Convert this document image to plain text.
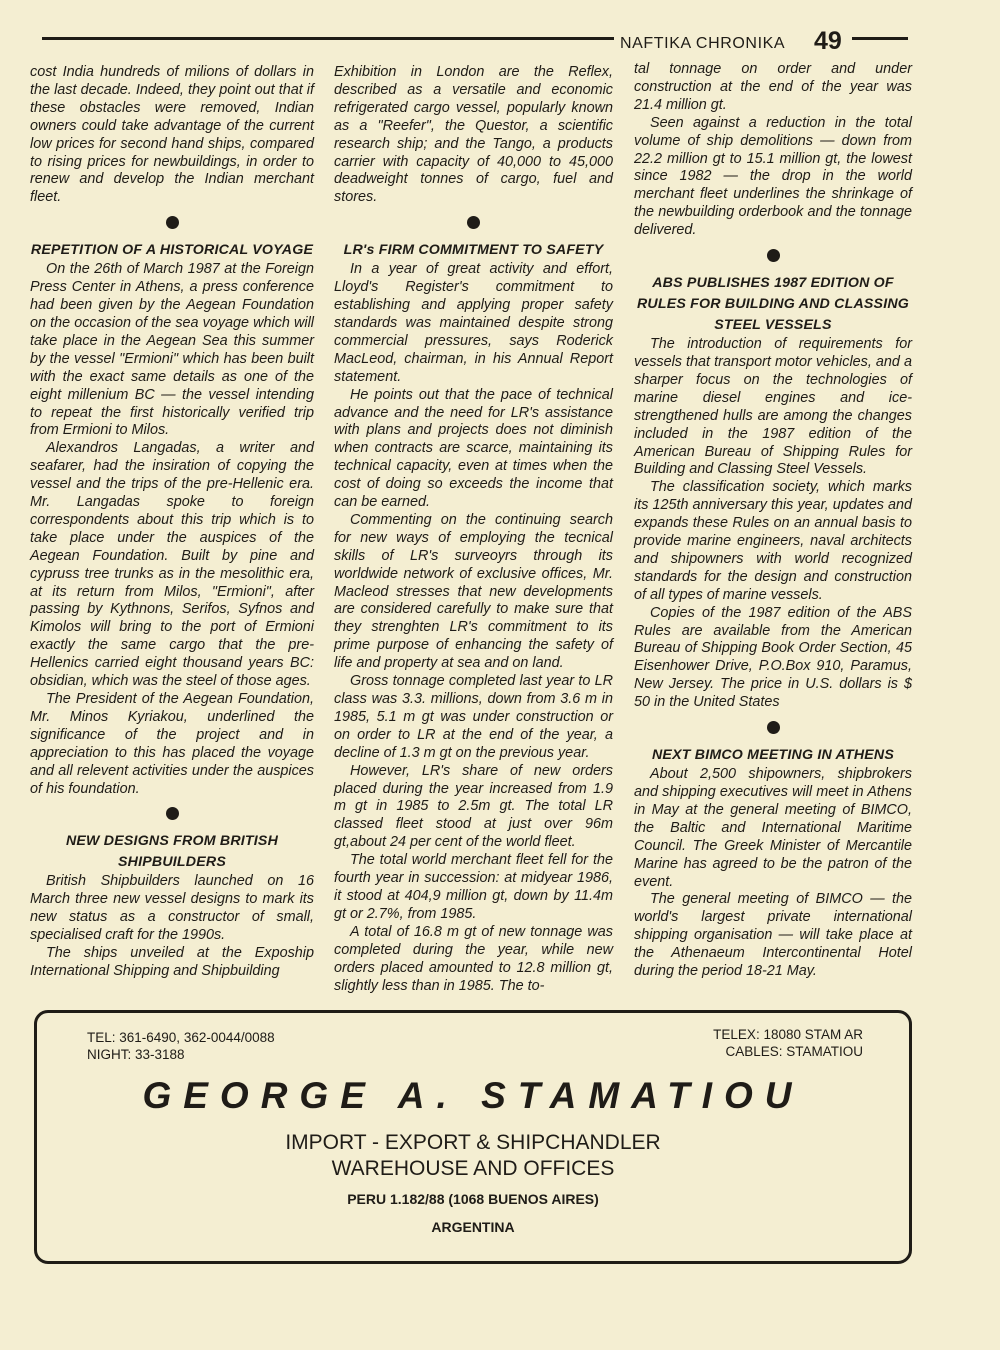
NAFTIKA CHRONIKA 49

cost India hundreds of milions of dollars in the last decade. Indeed, they point out that if these obstacles were removed, Indian owners could take advantage of the current low prices for second hand ships, compared to rising prices for newbuildings, in order to renew and develop the Indian merchant fleet.

REPETITION OF A HISTORICAL VOYAGE

On the 26th of March 1987 at the Foreign Press Center in Athens, a press conference had been given by the Aegean Foundation on the occasion of the sea voyage which will take place in the Aegean Sea this summer by the vessel "Ermioni" which has been built with the exact same details as one of the eight millenium BC — the vessel intending to repeat the first historically verified trip from Ermioni to Milos.

Alexandros Langadas, a writer and seafarer, had the insiration of copying the vessel and the trips of the pre-Hellenic era. Mr. Langadas spoke to foreign correspondents about this trip which is to take place under the auspices of the Aegean Foundation. Built by pine and cypruss tree trunks as in the mesolithic era, at its return from Milos, "Ermioni", after passing by Kythnons, Serifos, Syfnos and Kimolos will bring to the port of Ermioni exactly the same cargo that the pre-Hellenics carried eight thousand years BC: obsidian, which was the steel of those ages.

The President of the Aegean Foundation, Mr. Minos Kyriakou, underlined the significance of the project and in appreciation to this has placed the voyage and all relevent activities under the auspices of his foundation.

NEW DESIGNS FROM BRITISH SHIPBUILDERS

British Shipbuilders launched on 16 March three new vessel designs to mark its new status as a constructor of small, specialised craft for the 1990s.

The ships unveiled at the Expoship International Shipping and Shipbuilding

Exhibition in London are the Reflex, described as a versatile and economic refrigerated cargo vessel, popularly known as a "Reefer", the Questor, a scientific research ship; and the Tango, a products carrier with capacity of 40,000 to 45,000 deadweight tonnes of cargo, fuel and stores.

LR's FIRM COMMITMENT TO SAFETY

In a year of great activity and effort, Lloyd's Register's commitment to establishing and applying proper safety standards was maintained despite strong commercial pressures, says Roderick MacLeod, chairman, in his Annual Report statement.

He points out that the pace of technical advance and the need for LR's assistance with plans and projects does not diminish when contracts are scarce, maintaining its technical capacity, even at times when the cost of doing so exceeds the income that can be earned.

Commenting on the continuing search for new ways of employing the tecnical skills of LR's surveoyrs through its worldwide network of exclusive offices, Mr. Macleod stresses that new developments are considered carefully to make sure that they strenghten LR's commitment to its prime purpose of enhancing the safety of life and property at sea and on land.

Gross tonnage completed last year to LR class was 3.3. millions, down from 3.6 m in 1985, 5.1 m gt was under construction or on order to LR at the end of the year, a decline of 1.3 m gt on the previous year.

However, LR's share of new orders placed during the year increased from 1.9 m gt in 1985 to 2.5m gt. The total LR classed fleet stood at just over 96m gt,about 24 per cent of the world fleet.

The total world merchant fleet fell for the fourth year in succession: at midyear 1986, it stood at 404,9 million gt, down by 11.4m gt or 2.7%, from 1985.

A total of 16.8 m gt of new tonnage was completed during the year, while new orders placed amounted to 12.8 million gt, slightly less than in 1985. The to-

tal tonnage on order and under construction at the end of the year was 21.4 million gt.

Seen against a reduction in the total volume of ship demolitions — down from 22.2 million gt to 15.1 million gt, the lowest since 1982 — the drop in the world merchant fleet underlines the shrinkage of the newbuilding orderbook and the tonnage delivered.

ABS PUBLISHES 1987 EDITION OF RULES FOR BUILDING AND CLASSING STEEL VESSELS

The introduction of requirements for vessels that transport motor vehicles, and a sharper focus on the technologies of marine diesel engines and ice-strengthened hulls are among the changes included in the 1987 edition of the American Bureau of Shipping Rules for Building and Classing Steel Vessels.

The classification society, which marks its 125th anniversary this year, updates and expands these Rules on an annual basis to provide marine engineers, naval architects and shipowners with world recognized standards for the design and construction of all types of marine vessels.

Copies of the 1987 edition of the ABS Rules are available from the American Bureau of Shipping Book Order Section, 45 Eisenhower Drive, P.O.Box 910, Paramus, New Jersey. The price in U.S. dollars is $ 50 in the United States

NEXT BIMCO MEETING IN ATHENS

About 2,500 shipowners, shipbrokers and shipping executives will meet in Athens in May at the general meeting of BIMCO, the Baltic and International Maritime Council. The Greek Minister of Mercantile Marine has agreed to be the patron of the event.

The general meeting of BIMCO — the world's largest private international shipping organisation — will take place at the Athenaeum Intercontinental Hotel during the period 18-21 May.

TEL: 361-6490, 362-0044/0088
NIGHT: 33-3188
TELEX: 18080 STAM AR
CABLES: STAMATIOU
GEORGE A. STAMATIOU
IMPORT - EXPORT & SHIPCHANDLER
WAREHOUSE AND OFFICES
PERU 1.182/88 (1068 BUENOS AIRES)
ARGENTINA
